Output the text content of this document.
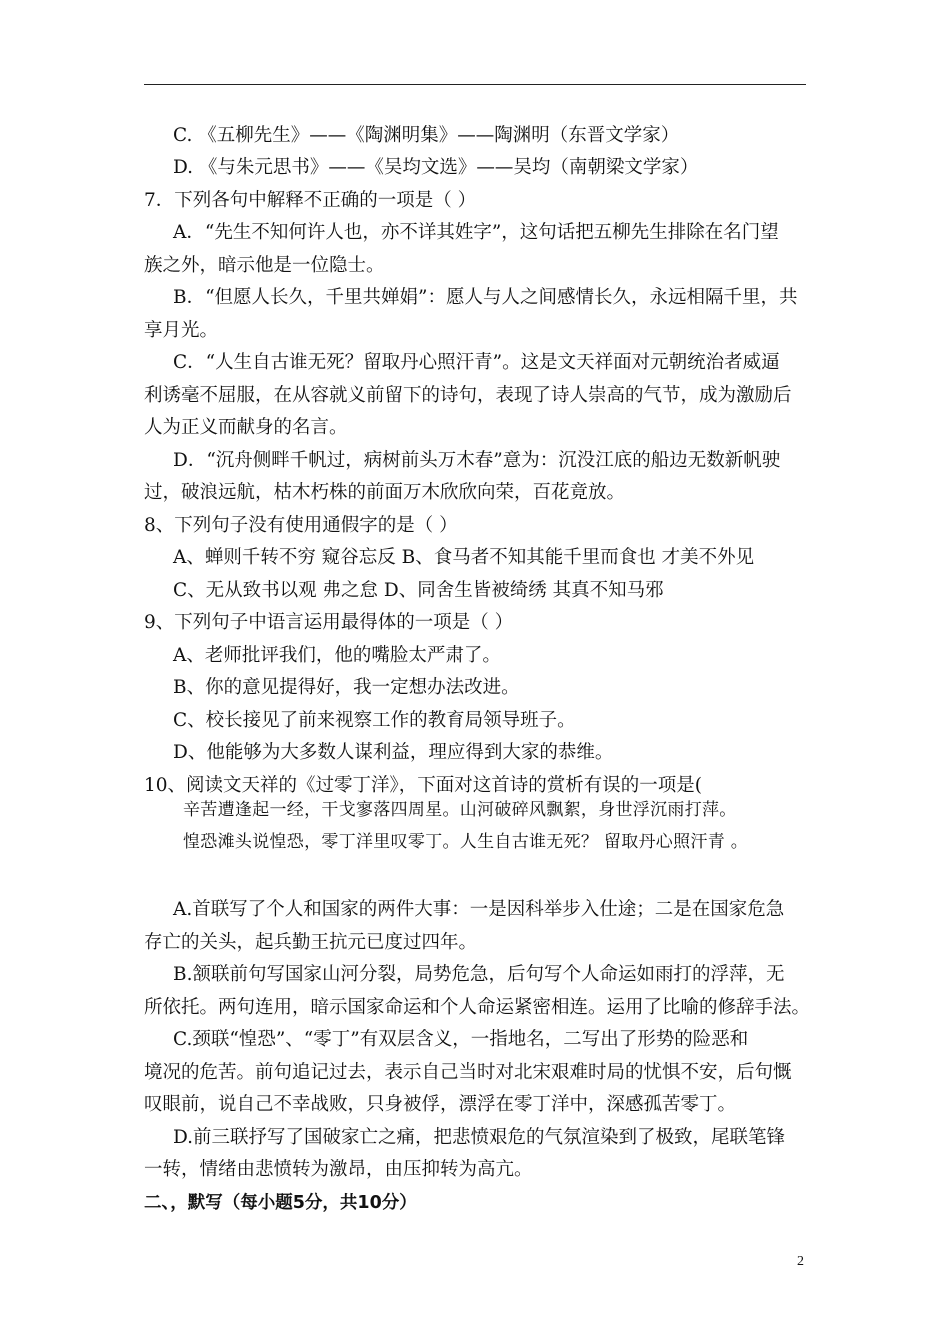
C. 《五柳先生》——《陶渊明集》——陶渊明（东晋文学家）
D. 《与朱元思书》——《吴均文选》——吴均（南朝梁文学家）
7．下列各句中解释不正确的一项是（ ）
A．“先生不知何许人也，亦不详其姓字”，这句话把五柳先生排除在名门望
族之外，暗示他是一位隐士。
B．“但愿人长久，千里共婵娟”：愿人与人之间感情长久，永远相隔千里，共
享月光。
C．“人生自古谁无死？留取丹心照汗青”。这是文天祥面对元朝统治者威逼
利诱毫不屈服，在从容就义前留下的诗句，表现了诗人崇高的气节，成为激励后
人为正义而献身的名言。
D．“沉舟侧畔千帆过，病树前头万木春”意为：沉没江底的船边无数新帆驶
过，破浪远航，枯木朽株的前面万木欣欣向荣，百花竟放。
8、下列句子没有使用通假字的是（ ）
A、蝉则千转不穷 窥谷忘反 B、食马者不知其能千里而食也 才美不外见
C、无从致书以观 弗之怠 D、同舍生皆被绮绣 其真不知马邪
9、下列句子中语言运用最得体的一项是（ ）
A、老师批评我们，他的嘴脸太严肃了。
B、你的意见提得好，我一定想办法改进。
C、校长接见了前来视察工作的教育局领导班子。
D、他能够为大多数人谋利益，理应得到大家的恭维。
10、阅读文天祥的《过零丁洋》，下面对这首诗的赏析有误的一项是(
辛苦遭逢起一经，干戈寥落四周星。山河破碎风飘絮，身世浮沉雨打萍。
惶恐滩头说惶恐，零丁洋里叹零丁。人生自古谁无死？ 留取丹心照汗青 。
A.首联写了个人和国家的两件大事：一是因科举步入仕途；二是在国家危急
存亡的关头，起兵勤王抗元已度过四年。
B.颔联前句写国家山河分裂，局势危急，后句写个人命运如雨打的浮萍，无
所依托。两句连用，暗示国家命运和个人命运紧密相连。运用了比喻的修辞手法。
C.颈联“惶恐”、“零丁”有双层含义，一指地名，二写出了形势的险恶和
境况的危苦。前句追记过去，表示自己当时对北宋艰难时局的忧惧不安，后句慨
叹眼前，说自己不幸战败，只身被俘，漂浮在零丁洋中，深感孤苦零丁。
D.前三联抒写了国破家亡之痛，把悲愤艰危的气氛渲染到了极致，尾联笔锋
一转，情绪由悲愤转为激昂，由压抑转为高亢。
二、，默写（每小题5分，共10分）
2
